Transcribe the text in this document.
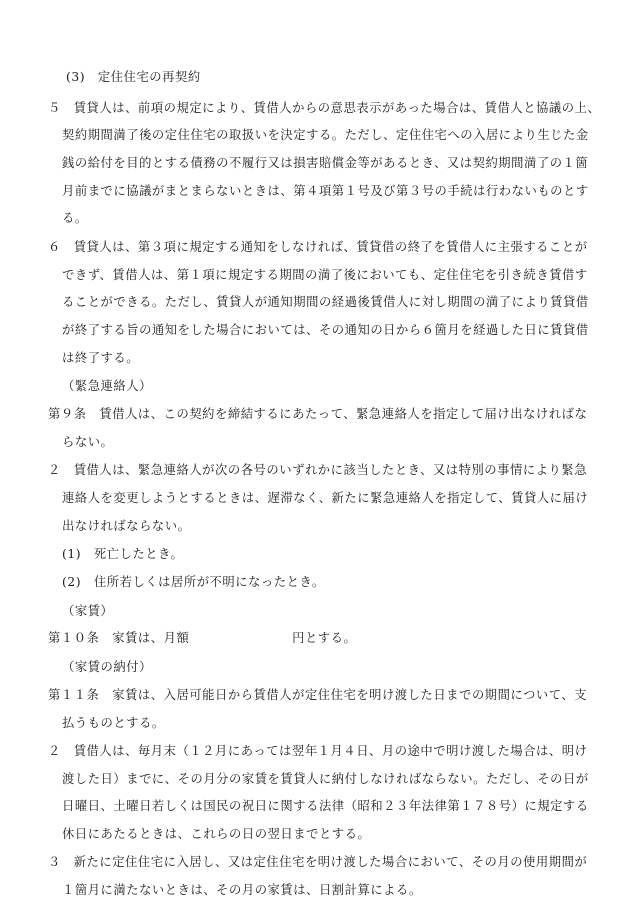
(3)　定住住宅の再契約
５　賃貸人は、前項の規定により、賃借人からの意思表示があった場合は、賃借人と協議の上、
契約期間満了後の定住住宅の取扱いを決定する。ただし、定住住宅への入居により生じた金
銭の給付を目的とする債務の不履行又は損害賠償金等があるとき、又は契約期間満了の１箇
月前までに協議がまとまらないときは、第４項第１号及び第３号の手続は行わないものとす
る。
６　賃貸人は、第３項に規定する通知をしなければ、賃貸借の終了を賃借人に主張することが
できず、賃借人は、第１項に規定する期間の満了後においても、定住住宅を引き続き賃借す
ることができる。ただし、賃貸人が通知期間の経過後賃借人に対し期間の満了により賃貸借
が終了する旨の通知をした場合においては、その通知の日から６箇月を経過した日に賃貸借
は終了する。
（緊急連絡人）
第９条　賃借人は、この契約を締結するにあたって、緊急連絡人を指定して届け出なければな
らない。
２　賃借人は、緊急連絡人が次の各号のいずれかに該当したとき、又は特別の事情により緊急
連絡人を変更しようとするときは、遅滞なく、新たに緊急連絡人を指定して、賃貸人に届け
出なければならない。
(1)　死亡したとき。
(2)　住所若しくは居所が不明になったとき。
（家賃）
第１０条　家賃は、月額　　　　　　　　円とする。
（家賃の納付）
第１１条　家賃は、入居可能日から賃借人が定住住宅を明け渡した日までの期間について、支
払うものとする。
２　賃借人は、毎月末（１２月にあっては翌年１月４日、月の途中で明け渡した場合は、明け
渡した日）までに、その月分の家賃を賃貸人に納付しなければならない。ただし、その日が
日曜日、土曜日若しくは国民の祝日に関する法律（昭和２３年法律第１７８号）に規定する
休日にあたるときは、これらの日の翌日までとする。
３　新たに定住住宅に入居し、又は定住住宅を明け渡した場合において、その月の使用期間が
１箇月に満たないときは、その月の家賃は、日割計算による。
